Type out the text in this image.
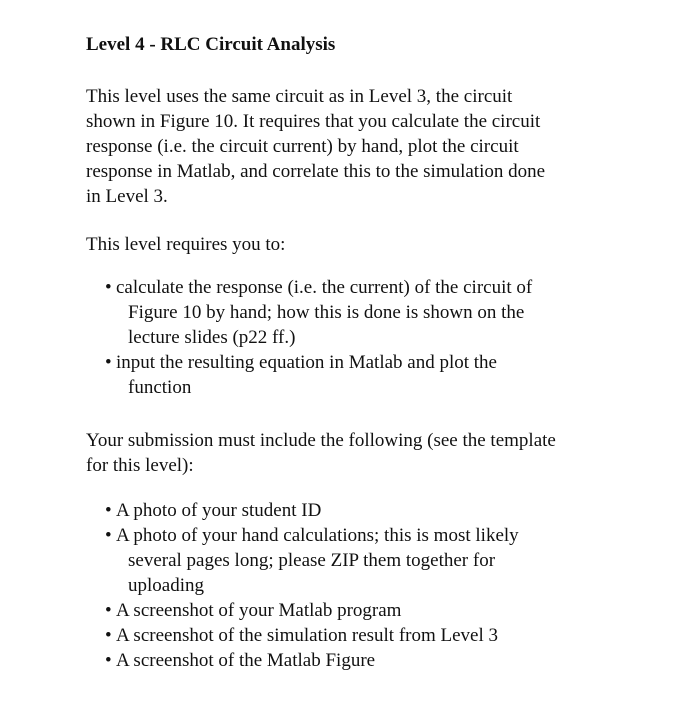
Level 4 - RLC Circuit Analysis

This level uses the same circuit as in Level 3, the circuit
shown in Figure 10. It requires that you calculate the circuit
response (i.e. the circuit current) by hand, plot the circuit
response in Matlab, and correlate this to the simulation done
in Level 3.

This level requires you to:

• calculate the response (i.e. the current) of the circuit of
Figure 10 by hand; how this is done is shown on the
lecture slides (p22 ff.)
• input the resulting equation in Matlab and plot the
function

Your submission must include the following (see the template
for this level):

• A photo of your student ID
• A photo of your hand calculations; this is most likely
several pages long; please ZIP them together for
uploading
• A screenshot of your Matlab program
• A screenshot of the simulation result from Level 3
• A screenshot of the Matlab Figure
